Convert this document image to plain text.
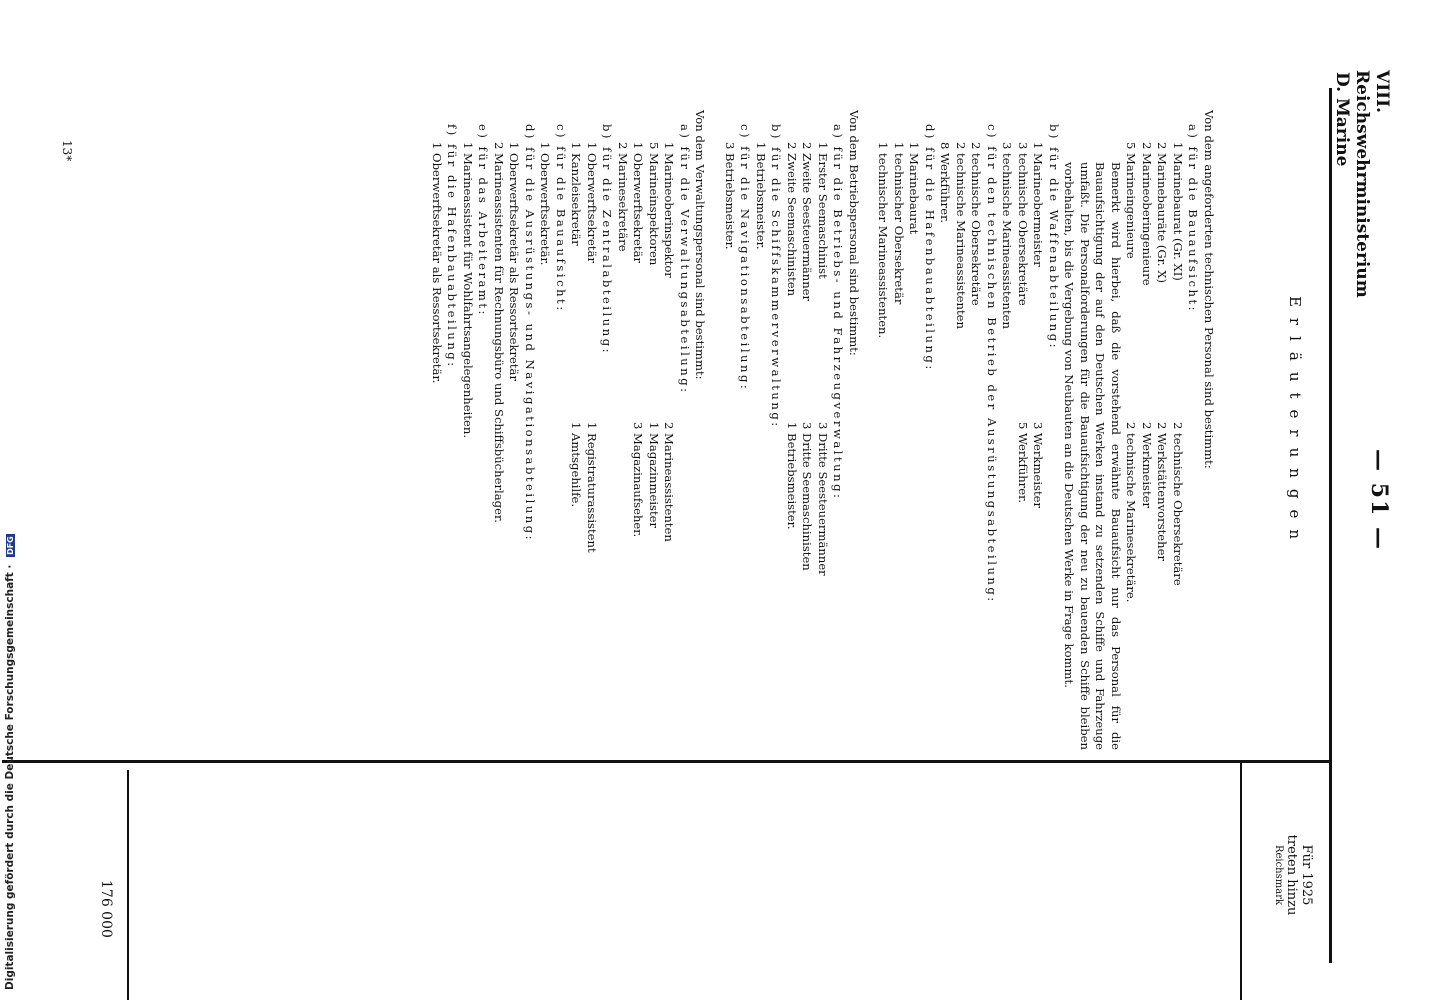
VIII. Reichswehrministerium
D. Marine
— 51 —
Für 1925
treten hinzu
Reichsmark
176 000
Erläuterungen

Von dem angeforderten technischen Personal sind bestimmt:

a) für die Bauaufsicht:

1 Marinebaurat (Gr. XI)
2 Marinebauräte (Gr. X)
2 Marineoberingenieure
5 Marineingenieure
2 technische Obersekretäre
2 Werkstättenvorsteher
2 Werkmeister
2 technische Marinesekretäre.

Bemerkt wird hierbei, daß die vorstehend erwähnte Bauaufsicht nur das Personal für die Bauaufsichtigung der auf den Deutschen Werken instand zu setzenden Schiffe und Fahrzeuge umfaßt. Die Personalforderungen für die Bauaufsichtigung der neu zu bauenden Schiffe bleiben vorbehalten, bis die Vergebung von Neubauten an die Deutschen Werke in Frage kommt.

b) für die Waffenabteilung:

1 Marineobermeister
3 technische Obersekretäre
3 technische Marineassistenten
3 Werkmeister
5 Werkführer.

c) für den technischen Betrieb der Ausrüstungsabteilung:

2 technische Obersekretäre
2 technische Marineassistenten
8 Werkführer.

d) für die Hafenbauabteilung:

1 Marinebaurat
1 technischer Obersekretär
1 technischer Marineassistenten.

Von dem Betriebspersonal sind bestimmt:

a) für die Betriebs- und Fahrzeugverwaltung:

1 Erster Seemaschinist
2 Zweite Seesteuermänner
2 Zweite Seemaschinisten
3 Dritte Seesteuermänner
3 Dritte Seemaschinisten
1 Betriebsmeister.

b) für die Schiffskammerverwaltung:

1 Betriebsmeister.

c) für die Navigationsabteilung:

3 Betriebsmeister.

Von dem Verwaltungspersonal sind bestimmt:

a) für die Verwaltungsabteilung:

1 Marineoberinspektor
5 Marineinspektoren
1 Oberwerftsekretär
2 Marinesekretäre
2 Marineassistenten
1 Magazinmeister
3 Magazinaufseher.

b) für die Zentralabteilung:

1 Oberwerftsekretär
1 Kanzleisekretär
1 Registraturassistent
1 Amtsgehilfe.

c) für die Bauaufsicht:

1 Oberwerftsekretär.

d) für die Ausrüstungs- und Navigationsabteilung:

1 Oberwerftsekretär als Ressortsekretär
2 Marineassistenten für Rechnungsbüro und Schiffsbücherlager.

e) für das Arbeiteramt:

1 Marineassistent für Wohlfahrtsangelegenheiten.

f) für die Hafenbauabteilung:

1 Oberwerftsekretär als Ressortsekretär.
13*
Digitalisierung gefördert durch die Deutsche Forschungsgemeinschaft · DFG
